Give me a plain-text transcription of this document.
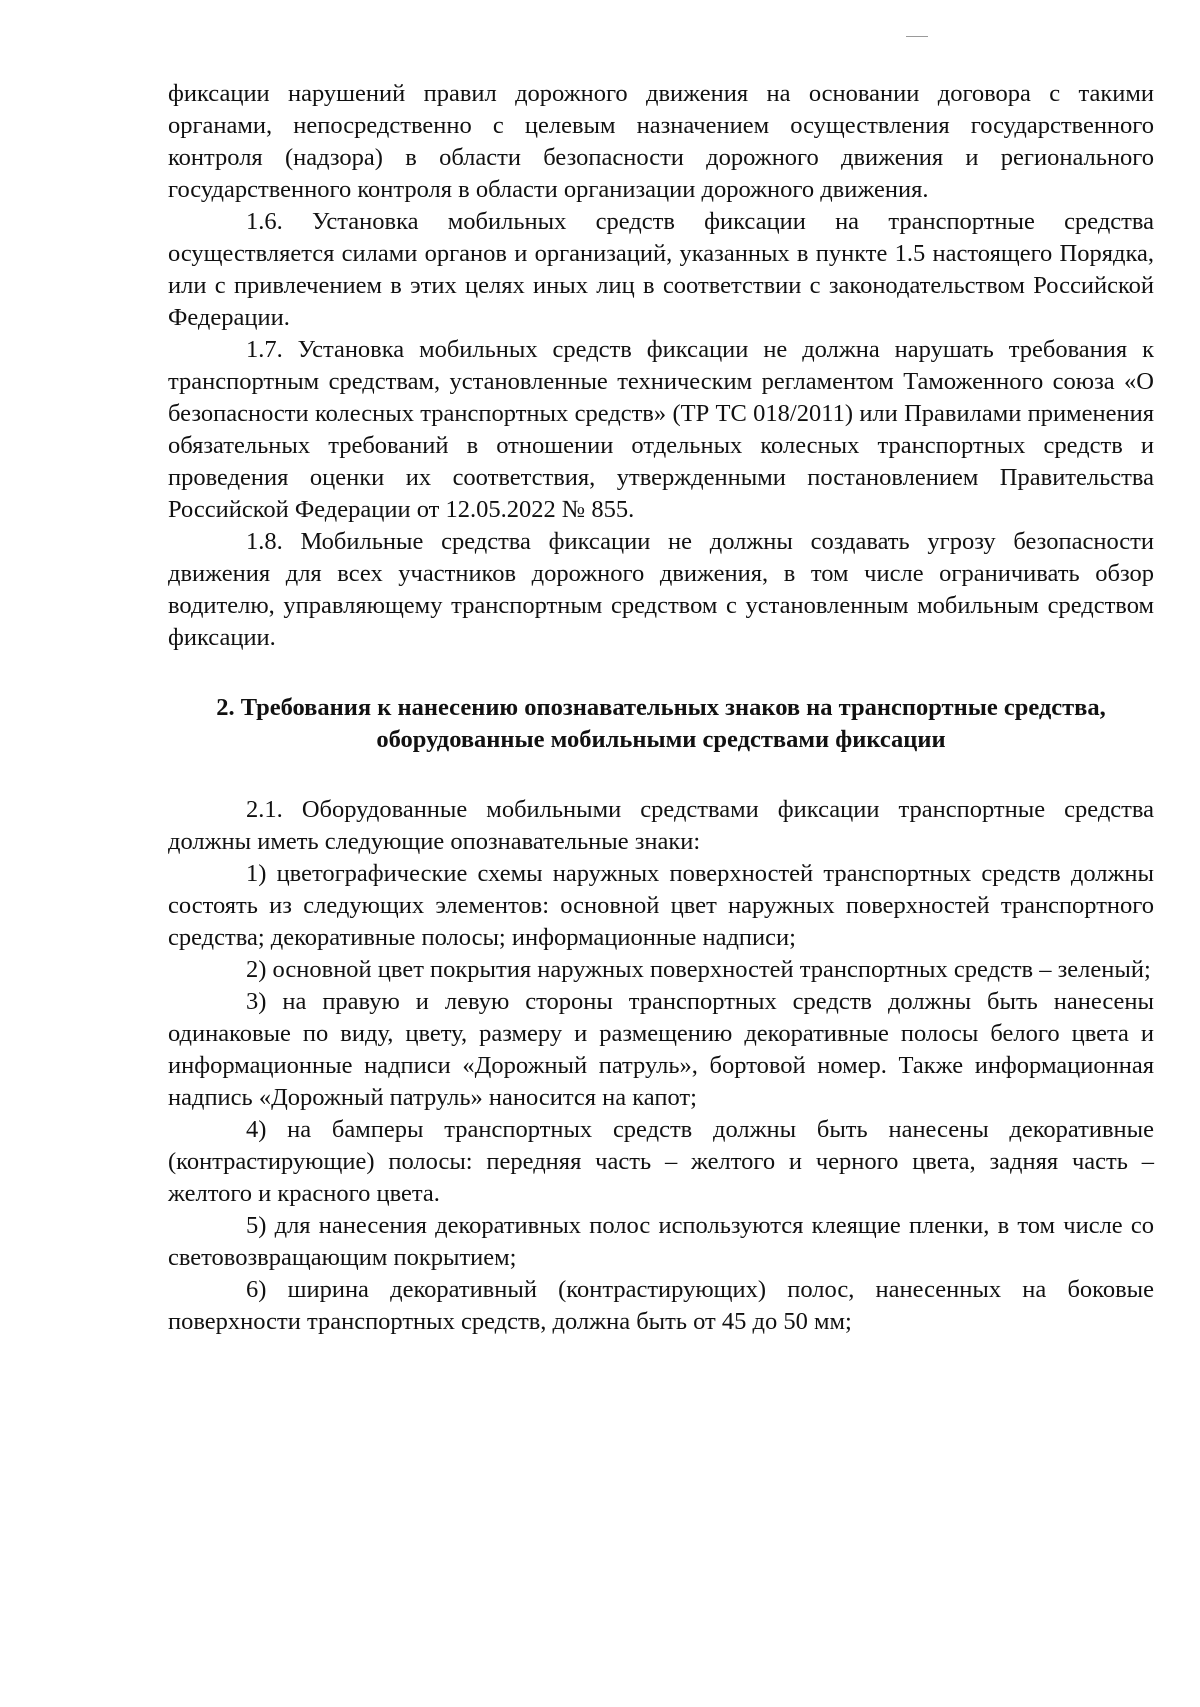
фиксации нарушений правил дорожного движения на основании договора с такими органами, непосредственно с целевым назначением осуществления государственного контроля (надзора) в области безопасности дорожного движения и регионального государственного контроля в области организации дорожного движения.

1.6. Установка мобильных средств фиксации на транспортные средства осуществляется силами органов и организаций, указанных в пункте 1.5 настоящего Порядка, или с привлечением в этих целях иных лиц в соответствии с законодательством Российской Федерации.

1.7. Установка мобильных средств фиксации не должна нарушать требования к транспортным средствам, установленные техническим регламентом Таможенного союза «О безопасности колесных транспортных средств» (ТР ТС 018/2011) или Правилами применения обязательных требований в отношении отдельных колесных транспортных средств и проведения оценки их соответствия, утвержденными постановлением Правительства Российской Федерации от 12.05.2022 № 855.

1.8. Мобильные средства фиксации не должны создавать угрозу безопасности движения для всех участников дорожного движения, в том числе ограничивать обзор водителю, управляющему транспортным средством с установленным мобильным средством фиксации.

2. Требования к нанесению опознавательных знаков на транспортные средства, оборудованные мобильными средствами фиксации

2.1. Оборудованные мобильными средствами фиксации транспортные средства должны иметь следующие опознавательные знаки:

1) цветографические схемы наружных поверхностей транспортных средств должны состоять из следующих элементов: основной цвет наружных поверхностей транспортного средства; декоративные полосы; информационные надписи;

2) основной цвет покрытия наружных поверхностей транспортных средств – зеленый;

3) на правую и левую стороны транспортных средств должны быть нанесены одинаковые по виду, цвету, размеру и размещению декоративные полосы белого цвета и информационные надписи «Дорожный патруль», бортовой номер. Также информационная надпись «Дорожный патруль» наносится на капот;

4) на бамперы транспортных средств должны быть нанесены декоративные (контрастирующие) полосы: передняя часть – желтого и черного цвета, задняя часть – желтого и красного цвета.

5) для нанесения декоративных полос используются клеящие пленки, в том числе со световозвращающим покрытием;

6) ширина декоративный (контрастирующих) полос, нанесенных на боковые поверхности транспортных средств, должна быть от 45 до 50 мм;
